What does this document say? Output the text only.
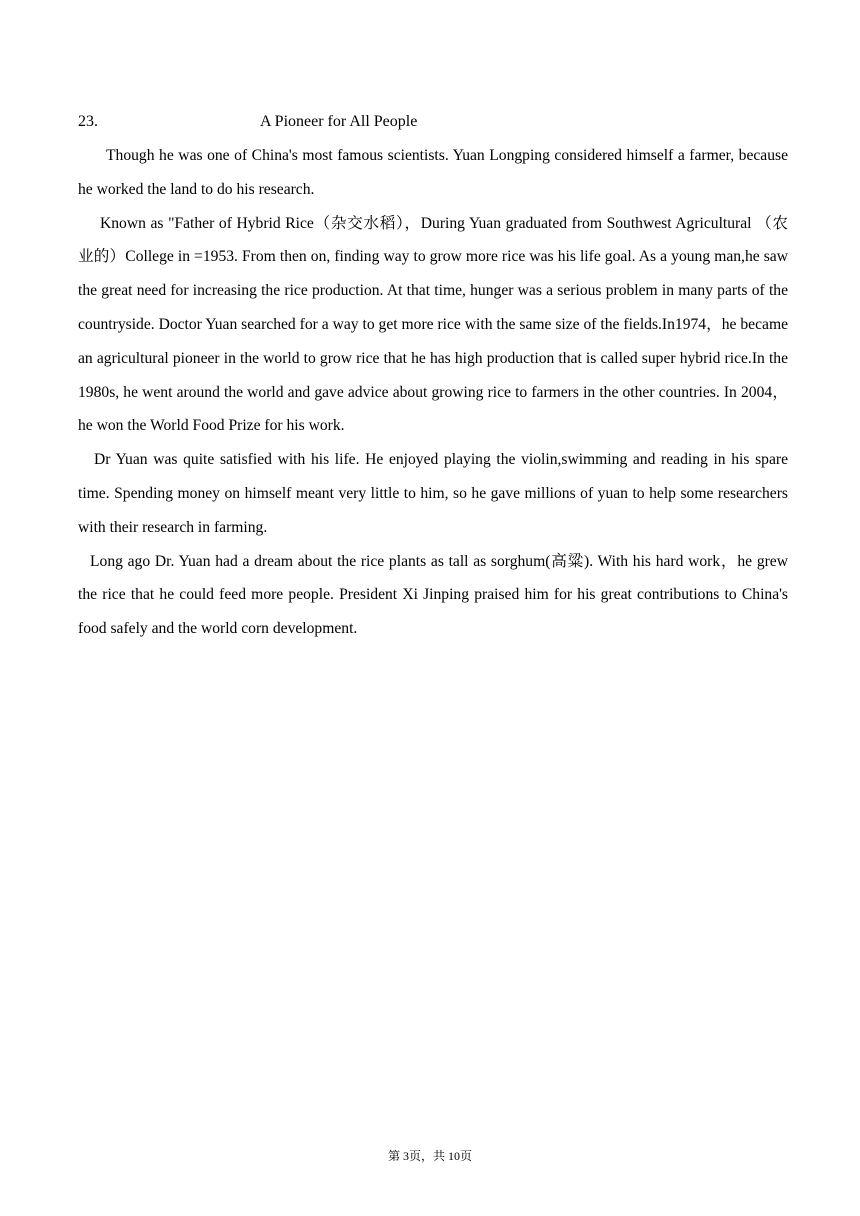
23.	A Pioneer for All People

Though he was one of China's most famous scientists. Yuan Longping considered himself a farmer, because he worked the land to do his research.

Known as "Father of Hybrid Rice（杂交水稻），During Yuan graduated from Southwest Agricultural （农业的）College in =1953. From then on, finding way to grow more rice was his life goal. As a young man,he saw the great need for increasing the rice production. At that time, hunger was a serious problem in many parts of the countryside. Doctor Yuan searched for a way to get more rice with the same size of the fields.In1974，he became an agricultural pioneer in the world to grow rice that he has high production that is called super hybrid rice.In the 1980s, he went around the world and gave advice about growing rice to farmers in the other countries. In 2004，he won the World Food Prize for his work.

Dr Yuan was quite satisfied with his life. He enjoyed playing the violin,swimming and reading in his spare time. Spending money on himself meant very little to him, so he gave millions of yuan to help some researchers with their research in farming.

Long ago Dr. Yuan had a dream about the rice plants as tall as sorghum(高粱). With his hard work，he grew the rice that he could feed more people. President Xi Jinping praised him for his great contributions to China's food safely and the world corn development.

第 3页，共 10页
